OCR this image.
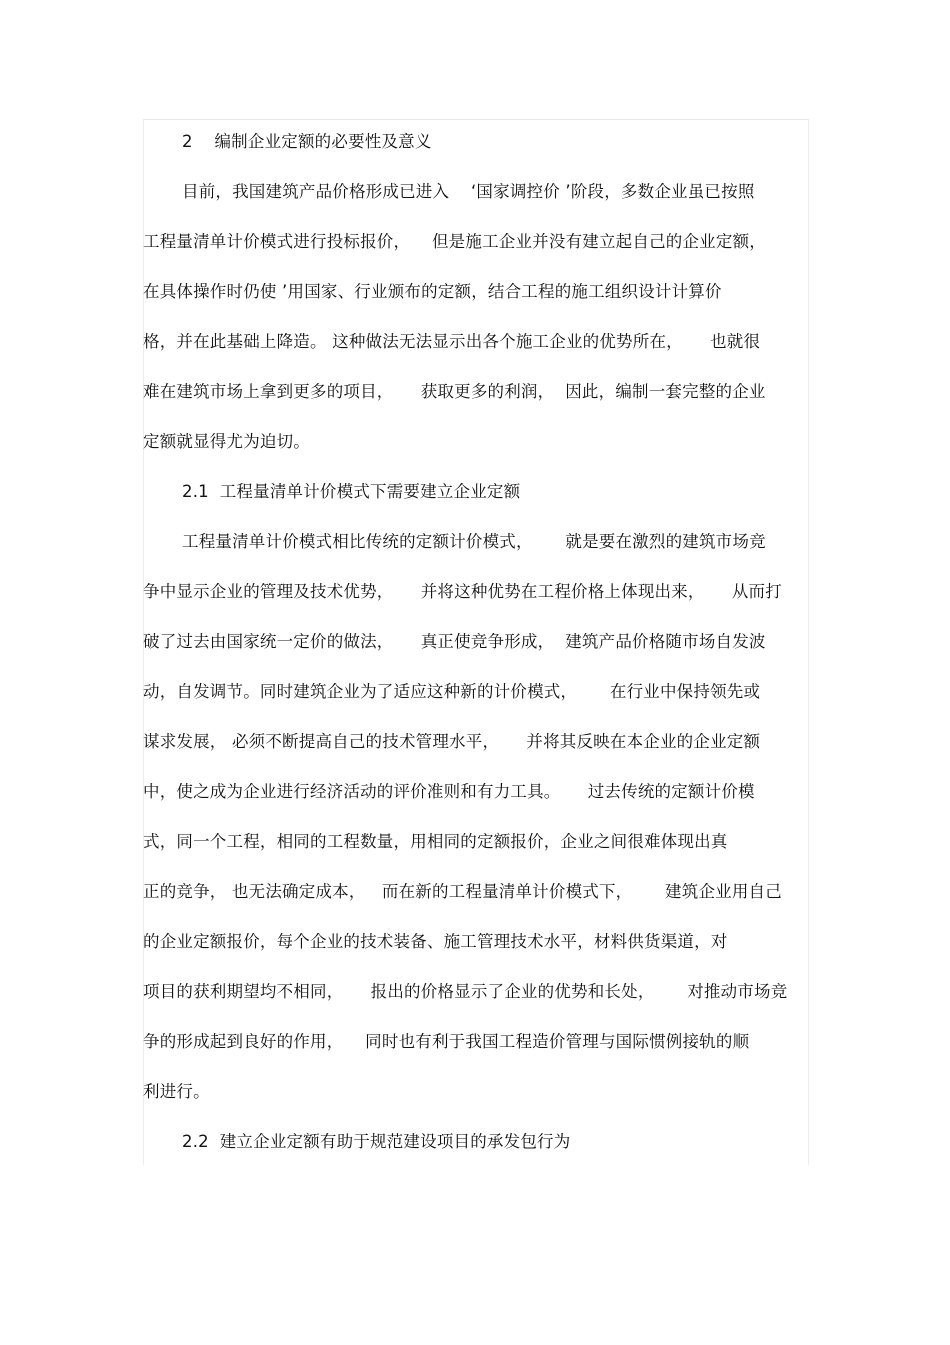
2    编制企业定额的必要性及意义
目前，我国建筑产品价格形成已进入    ‘国家调控价 ’阶段，多数企业虽已按照
工程量清单计价模式进行投标报价，    但是施工企业并没有建立起自己的企业定额，
在具体操作时仍使 ’用国家、行业颁布的定额，结合工程的施工组织设计计算价
格，并在此基础上降造。 这种做法无法显示出各个施工企业的优势所在，     也就很
难在建筑市场上拿到更多的项目，     获取更多的利润，  因此，编制一套完整的企业
定额就显得尤为迫切。
2.1  工程量清单计价模式下需要建立企业定额
工程量清单计价模式相比传统的定额计价模式，      就是要在激烈的建筑市场竞
争中显示企业的管理及技术优势，     并将这种优势在工程价格上体现出来，     从而打
破了过去由国家统一定价的做法，     真正使竞争形成，  建筑产品价格随市场自发波
动，自发调节。同时建筑企业为了适应这种新的计价模式，      在行业中保持领先或
谋求发展， 必须不断提高自己的技术管理水平，     并将其反映在本企业的企业定额
中，使之成为企业进行经济活动的评价准则和有力工具。     过去传统的定额计价模
式，同一个工程，相同的工程数量，用相同的定额报价，企业之间很难体现出真
正的竞争， 也无法确定成本，   而在新的工程量清单计价模式下，      建筑企业用自己
的企业定额报价，每个企业的技术装备、施工管理技术水平，材料供货渠道，对
项目的获利期望均不相同，     报出的价格显示了企业的优势和长处，      对推动市场竞
争的形成起到良好的作用，    同时也有利于我国工程造价管理与国际惯例接轨的顺
利进行。
2.2  建立企业定额有助于规范建设项目的承发包行为
